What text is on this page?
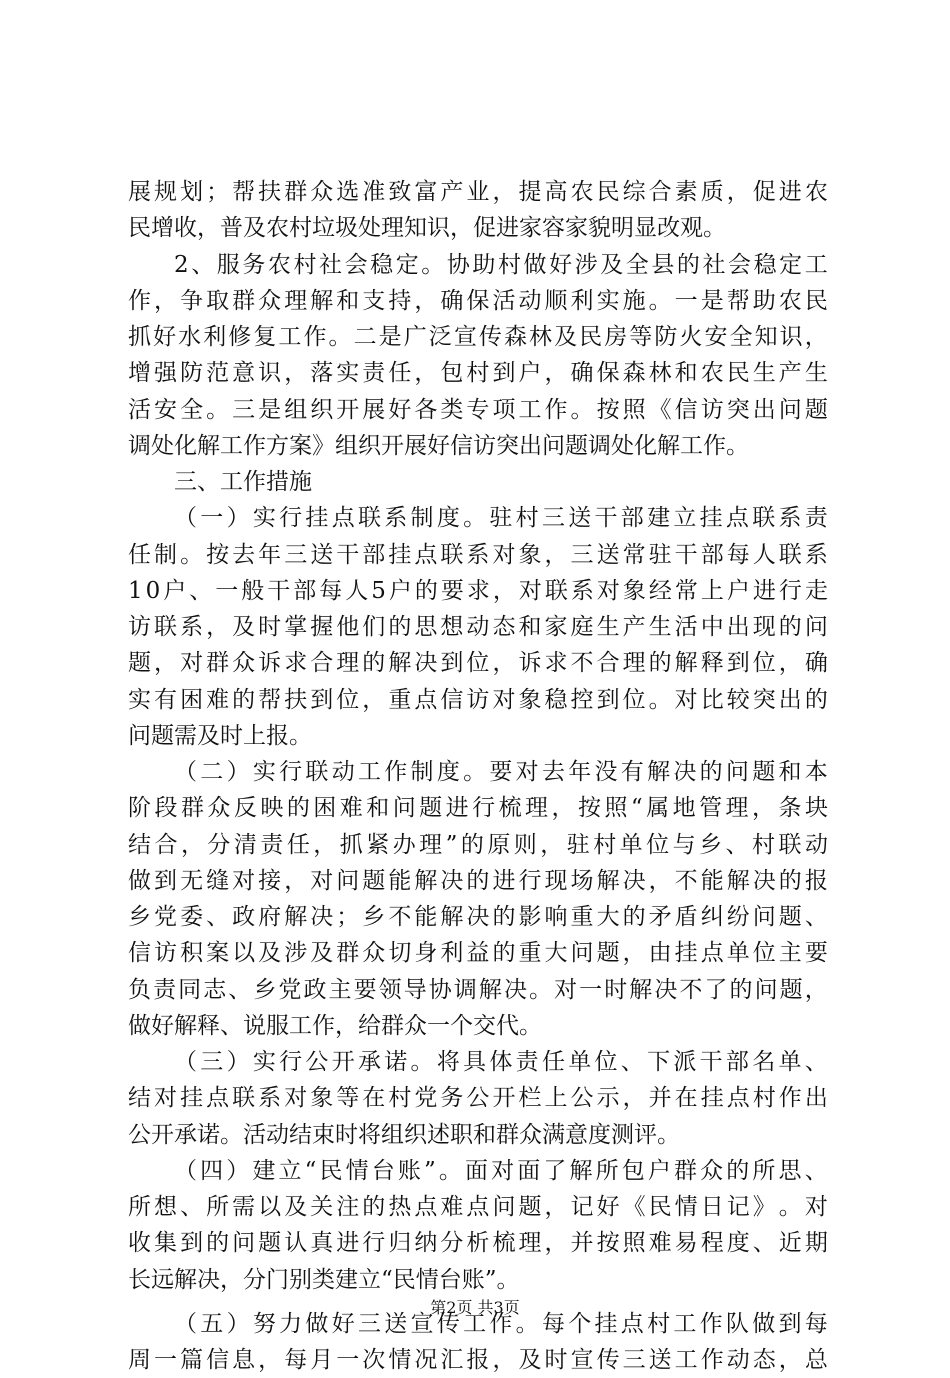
展 规 划 ； 帮 扶 群 众 选 准 致 富 产 业 ， 提 高 农 民 综 合 素 质 ， 促 进 农
民 增 收 ， 普 及 农 村 垃 圾 处 理 知 识 ， 促 进 家 容 家 貌 明 显 改 观 。
2 、 服 务 农 村 社 会 稳 定 。 协 助 村 做 好 涉 及 全 县 的 社 会 稳 定 工
作 ， 争 取 群 众 理 解 和 支 持 ， 确 保 活 动 顺 利 实 施 。 一 是 帮 助 农 民
抓 好 水 利 修 复 工 作 。 二 是 广 泛 宣 传 森 林 及 民 房 等 防 火 安 全 知 识 ，
增 强 防 范 意 识 ， 落 实 责 任 ， 包 村 到 户 ， 确 保 森 林 和 农 民 生 产 生
活 安 全 。 三 是 组 织 开 展 好 各 类 专 项 工 作 。 按 照 《 信 访 突 出 问 题
调 处 化 解 工 作 方 案 》 组 织 开 展 好 信 访 突 出 问 题 调 处 化 解 工 作 。
三 、 工 作 措 施
（ 一 ） 实 行 挂 点 联 系 制 度 。 驻 村 三 送 干 部 建 立 挂 点 联 系 责
任 制 。 按 去 年 三 送 干 部 挂 点 联 系 对 象 ， 三 送 常 驻 干 部 每 人 联 系
1 0 户 、 一 般 干 部 每 人 5 户 的 要 求 ， 对 联 系 对 象 经 常 上 户 进 行 走
访 联 系 ， 及 时 掌 握 他 们 的 思 想 动 态 和 家 庭 生 产 生 活 中 出 现 的 问
题 ， 对 群 众 诉 求 合 理 的 解 决 到 位 ， 诉 求 不 合 理 的 解 释 到 位 ， 确
实 有 困 难 的 帮 扶 到 位 ， 重 点 信 访 对 象 稳 控 到 位 。 对 比 较 突 出 的
问 题 需 及 时 上 报 。
（ 二 ） 实 行 联 动 工 作 制 度 。 要 对 去 年 没 有 解 决 的 问 题 和 本
阶 段 群 众 反 映 的 困 难 和 问 题 进 行 梳 理 ， 按 照 “ 属 地 管 理 ， 条 块
结 合 ， 分 清 责 任 ， 抓 紧 办 理 ” 的 原 则 ， 驻 村 单 位 与 乡 、 村 联 动
做 到 无 缝 对 接 ， 对 问 题 能 解 决 的 进 行 现 场 解 决 ， 不 能 解 决 的 报
乡 党 委 、 政 府 解 决 ； 乡 不 能 解 决 的 影 响 重 大 的 矛 盾 纠 纷 问 题 、
信 访 积 案 以 及 涉 及 群 众 切 身 利 益 的 重 大 问 题 ， 由 挂 点 单 位 主 要
负 责 同 志 、 乡 党 政 主 要 领 导 协 调 解 决 。 对 一 时 解 决 不 了 的 问 题 ，
做 好 解 释 、 说 服 工 作 ， 给 群 众 一 个 交 代 。
（ 三 ） 实 行 公 开 承 诺 。 将 具 体 责 任 单 位 、 下 派 干 部 名 单 、
结 对 挂 点 联 系 对 象 等 在 村 党 务 公 开 栏 上 公 示 ， 并 在 挂 点 村 作 出
公 开 承 诺 。 活 动 结 束 时 将 组 织 述 职 和 群 众 满 意 度 测 评 。
（ 四 ） 建 立 “ 民 情 台 账 ” 。 面 对 面 了 解 所 包 户 群 众 的 所 思 、
所 想 、 所 需 以 及 关 注 的 热 点 难 点 问 题 ， 记 好 《 民 情 日 记 》 。 对
收 集 到 的 问 题 认 真 进 行 归 纳 分 析 梳 理 ， 并 按 照 难 易 程 度 、 近 期
长 远 解 决 ， 分 门 别 类 建 立 “ 民 情 台 账 ” 。
（ 五 ） 努 力 做 好 三 送 宣 传 工 作 。 每 个 挂 点 村 工 作 队 做 到 每
周 一 篇 信 息 ， 每 月 一 次 情 况 汇 报 ， 及 时 宣 传 三 送 工 作 动 态 ， 总
第2页 共3页
